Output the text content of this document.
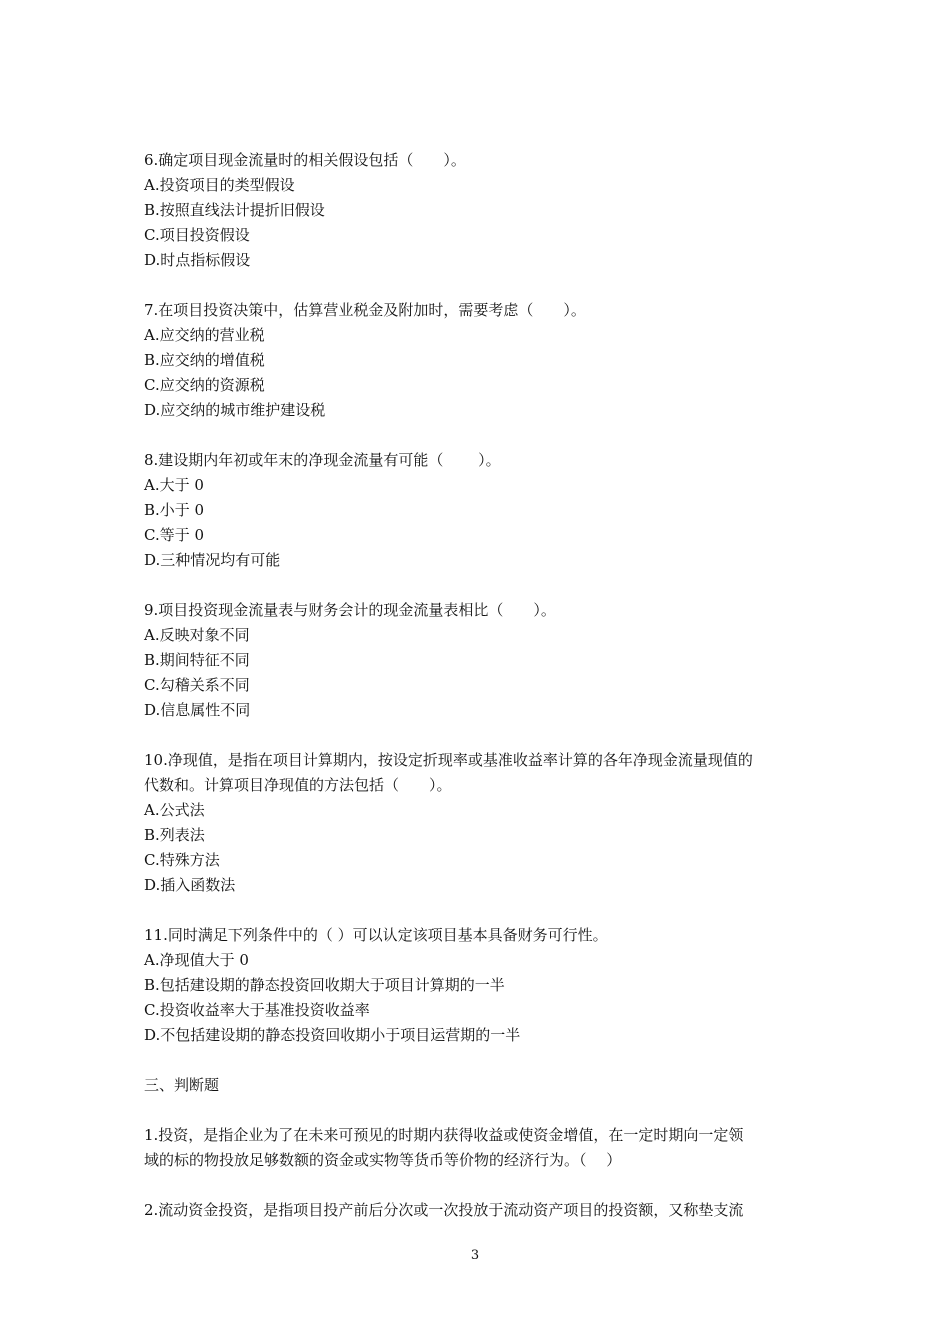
6.确定项目现金流量时的相关假设包括（　　）。

A.投资项目的类型假设

B.按照直线法计提折旧假设

C.项目投资假设

D.时点指标假设

7.在项目投资决策中，估算营业税金及附加时，需要考虑（　　）。

A.应交纳的营业税

B.应交纳的增值税

C.应交纳的资源税

D.应交纳的城市维护建设税

8.建设期内年初或年末的净现金流量有可能（　　 ）。

A.大于 0

B.小于 0

C.等于 0

D.三种情况均有可能

9.项目投资现金流量表与财务会计的现金流量表相比（　　）。

A.反映对象不同

B.期间特征不同

C.勾稽关系不同

D.信息属性不同

10.净现值，是指在项目计算期内，按设定折现率或基准收益率计算的各年净现金流量现值的

代数和。计算项目净现值的方法包括（　　）。

A.公式法

B.列表法

C.特殊方法

D.插入函数法

11.同时满足下列条件中的（ ）可以认定该项目基本具备财务可行性。

A.净现值大于 0

B.包括建设期的静态投资回收期大于项目计算期的一半

C.投资收益率大于基准投资收益率

D.不包括建设期的静态投资回收期小于项目运营期的一半

三、判断题

1.投资，是指企业为了在未来可预见的时期内获得收益或使资金增值，在一定时期向一定领

域的标的物投放足够数额的资金或实物等货币等价物的经济行为。（　 ）

2.流动资金投资，是指项目投产前后分次或一次投放于流动资产项目的投资额，又称垫支流

3
